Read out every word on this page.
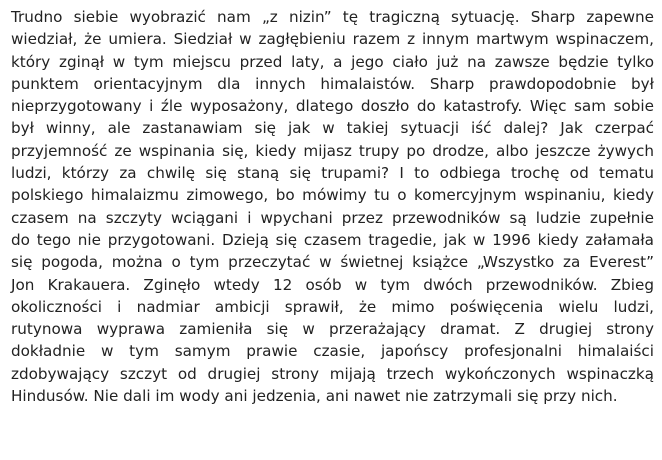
Trudno siebie wyobrazić nam „z nizin” tę tragiczną sytuację. Sharp zapewne
wiedział, że umiera. Siedział w zagłębieniu razem z innym martwym wspinaczem,
który zginął w tym miejscu przed laty, a jego ciało już na zawsze będzie tylko
punktem orientacyjnym dla innych himalaistów. Sharp prawdopodobnie był
nieprzygotowany i źle wyposażony, dlatego doszło do katastrofy. Więc sam sobie
był winny, ale zastanawiam się jak w takiej sytuacji iść dalej? Jak czerpać
przyjemność ze wspinania się, kiedy mijasz trupy po drodze, albo jeszcze żywych
ludzi, którzy za chwilę się staną się trupami? I to odbiega trochę od tematu
polskiego himalaizmu zimowego, bo mówimy tu o komercyjnym wspinaniu, kiedy
czasem na szczyty wciągani i wpychani przez przewodników są ludzie zupełnie
do tego nie przygotowani. Dzieją się czasem tragedie, jak w 1996 kiedy załamała
się pogoda, można o tym przeczytać w świetnej książce „Wszystko za Everest”
Jon Krakauera. Zginęło wtedy 12 osób w tym dwóch przewodników. Zbieg
okoliczności i nadmiar ambicji sprawił, że mimo poświęcenia wielu ludzi,
rutynowa wyprawa zamieniła się w przerażający dramat. Z drugiej strony
dokładnie w tym samym prawie czasie, japońscy profesjonalni himalaiści
zdobywający szczyt od drugiej strony mijają trzech wykończonych wspinaczką
Hindusów. Nie dali im wody ani jedzenia, ani nawet nie zatrzymali się przy nich.
